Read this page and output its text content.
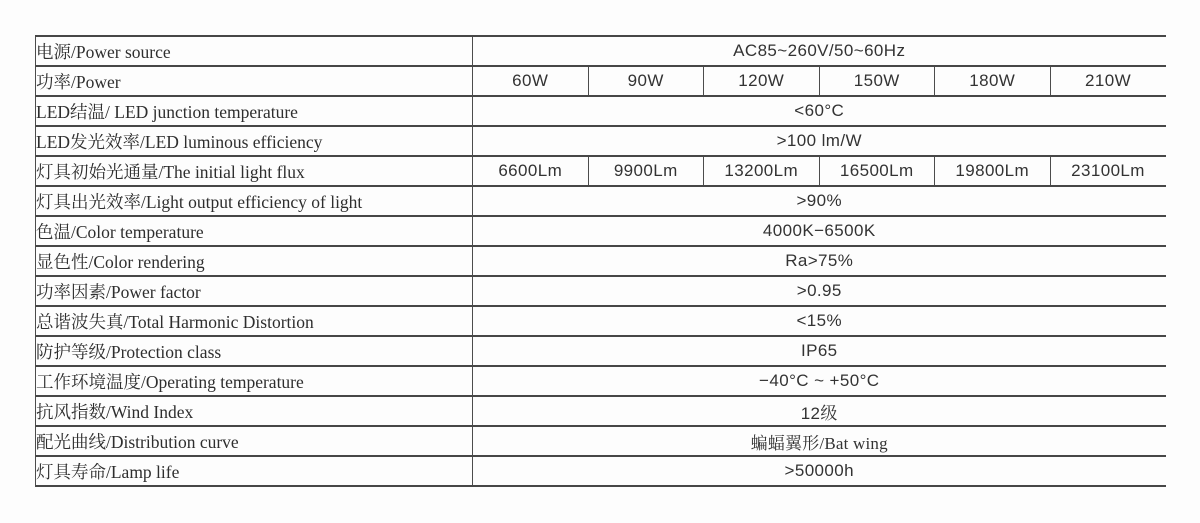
电源/Power source	AC85~260V/50~60Hz					
功率/Power	60W	90W	120W	150W	180W	210W
LED结温/ LED junction temperature	<60°C					
LED发光效率/LED luminous efficiency	>100 lm/W					
灯具初始光通量/The initial light flux	6600Lm	9900Lm	13200Lm	16500Lm	19800Lm	23100Lm
灯具出光效率/Light output efficiency of light	>90%					
色温/Color temperature	4000K−6500K					
显色性/Color rendering	Ra>75%					
功率因素/Power factor	>0.95					
总谐波失真/Total Harmonic Distortion	<15%					
防护等级/Protection class	IP65					
工作环境温度/Operating temperature	−40°C ~ +50°C					
抗风指数/Wind Index	12级					
配光曲线/Distribution curve	蝙蝠翼形/Bat wing					
灯具寿命/Lamp life	>50000h					
